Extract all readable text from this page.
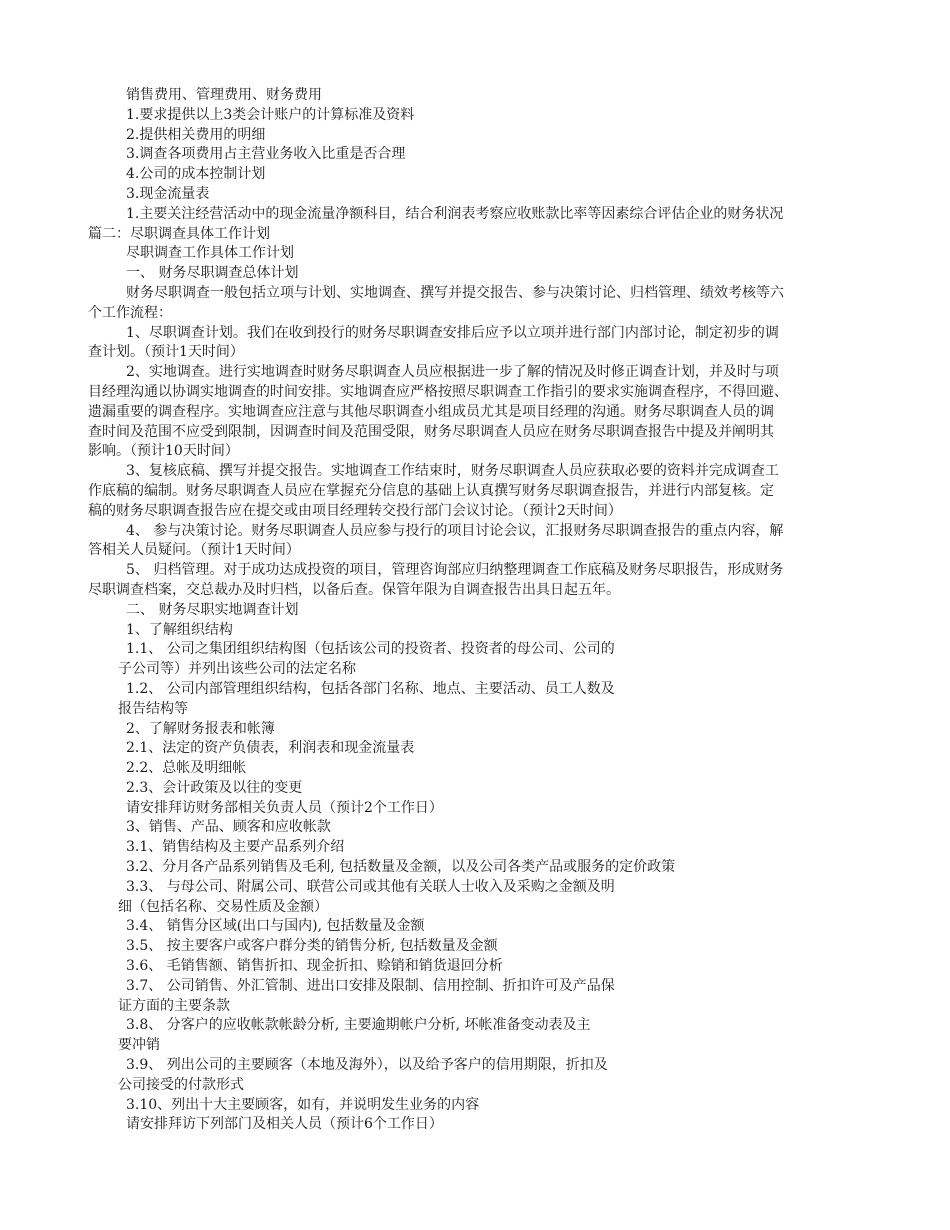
销售费用、管理费用、财务费用
1.要求提供以上3类会计账户的计算标准及资料
2.提供相关费用的明细
3.调查各项费用占主营业务收入比重是否合理
4.公司的成本控制计划
3.现金流量表
1.主要关注经营活动中的现金流量净额科目，结合利润表考察应收账款比率等因素综合评估企业的财务状况
篇二：尽职调查具体工作计划
尽职调查工作具体工作计划
一、 财务尽职调查总体计划
财务尽职调查一般包括立项与计划、实地调查、撰写并提交报告、参与决策讨论、归档管理、绩效考核等六
个工作流程：
1、尽职调查计划。我们在收到投行的财务尽职调查安排后应予以立项并进行部门内部讨论，制定初步的调
查计划。（预计1天时间）
2、实地调查。进行实地调查时财务尽职调查人员应根据进一步了解的情况及时修正调查计划，并及时与项
目经理沟通以协调实地调查的时间安排。实地调查应严格按照尽职调查工作指引的要求实施调查程序，不得回避、
遗漏重要的调查程序。实地调查应注意与其他尽职调查小组成员尤其是项目经理的沟通。财务尽职调查人员的调
查时间及范围不应受到限制，因调查时间及范围受限，财务尽职调查人员应在财务尽职调查报告中提及并阐明其
影响。（预计10天时间）
3、复核底稿、撰写并提交报告。实地调查工作结束时，财务尽职调查人员应获取必要的资料并完成调查工
作底稿的编制。财务尽职调查人员应在掌握充分信息的基础上认真撰写财务尽职调查报告，并进行内部复核。定
稿的财务尽职调查报告应在提交或由项目经理转交投行部门会议讨论。（预计2天时间）
4、 参与决策讨论。财务尽职调查人员应参与投行的项目讨论会议，汇报财务尽职调查报告的重点内容，解
答相关人员疑问。（预计1天时间）
5、 归档管理。对于成功达成投资的项目，管理咨询部应归纳整理调查工作底稿及财务尽职报告，形成财务
尽职调查档案，交总裁办及时归档，以备后查。保管年限为自调查报告出具日起五年。
二、 财务尽职实地调查计划
1、了解组织结构
1.1、 公司之集团组织结构图（包括该公司的投资者、投资者的母公司、公司的
子公司等）并列出该些公司的法定名称
1.2、 公司内部管理组织结构，包括各部门名称、地点、主要活动、员工人数及
报告结构等
2、了解财务报表和帐簿
2.1、法定的资产负债表，利润表和现金流量表
2.2、总帐及明细帐
2.3、会计政策及以往的变更
请安排拜访财务部相关负责人员（预计2个工作日）
3、销售、产品、顾客和应收帐款
3.1、销售结构及主要产品系列介绍
3.2、分月各产品系列销售及毛利, 包括数量及金额，以及公司各类产品或服务的定价政策
3.3、 与母公司、附属公司、联营公司或其他有关联人士收入及采购之金额及明
细（包括名称、交易性质及金额）
3.4、 销售分区域(出口与国内), 包括数量及金额
3.5、 按主要客户或客户群分类的销售分析, 包括数量及金额
3.6、 毛销售额、销售折扣、现金折扣、赊销和销货退回分析
3.7、 公司销售、外汇管制、进出口安排及限制、信用控制、折扣许可及产品保
证方面的主要条款
3.8、 分客户的应收帐款帐龄分析, 主要逾期帐户分析, 坏帐准备变动表及主
要冲销
3.9、 列出公司的主要顾客（本地及海外），以及给予客户的信用期限，折扣及
公司接受的付款形式
3.10、列出十大主要顾客，如有，并说明发生业务的内容
请安排拜访下列部门及相关人员（预计6个工作日）
